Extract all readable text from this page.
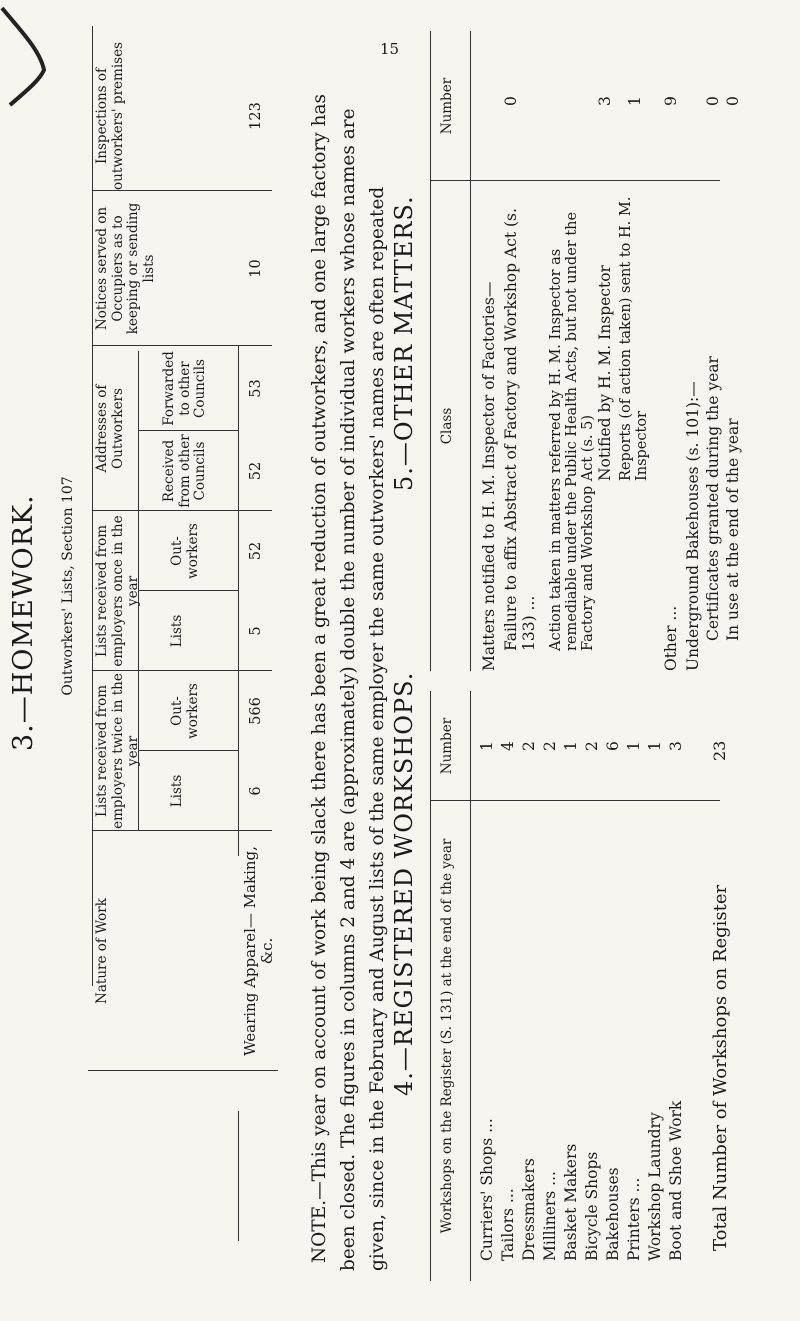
15
3.—HOMEWORK.
Nature of Work
Lists received from employers twice in the year
Lists received from employers once in the year
Addresses of Outworkers
Notices served on Occupiers as to keeping or sending lists
Inspections of outworkers' premises
Outworkers' Lists, Section 107
Lists
Out-workers
Lists
Out-workers
Received from other Councils
Forwarded to other Councils
Wearing Apparel— Making, &c.
6
566
5
52
52
53
10
123 NOTE.—This year on account of work being slack there has been a great reduction of outworkers, and one large factory has been closed. The figures in columns 2 and 4 are (approximately) double the number of individual workers whose names are given, since in the February and August lists of the same employer the same outworkers' names are often repeated 4.—REGISTERED WORKSHOPS. Workshops on the Register (S. 131) at the end of the year
Number
Curriers' Shops ...
1
Tailors ...
4
Dressmakers
2
Milliners ...
2
Basket Makers
1
Bicycle Shops
2
Bakehouses
6
Printers ...
1
Workshop Laundry
1
Boot and Shoe Work
3
Total Number of Workshops on Register
23
5.—OTHER MATTERS. Class
Number
Matters notified to H. M. Inspector of Factories— Failure to affix Abstract of Factory and Workshop Act (s. 133) ...
0
Action taken in matters referred by H. M. Inspector as remediable under the Public Health Acts, but not under the Factory and Workshop Act (s. 5)
Notified by H. M. Inspector
3
Reports (of action taken) sent to H. M. Inspector
1
Other ...
9
Underground Bakehouses (s. 101):— Certificates granted during the year
0
In use at the end of the year
0
